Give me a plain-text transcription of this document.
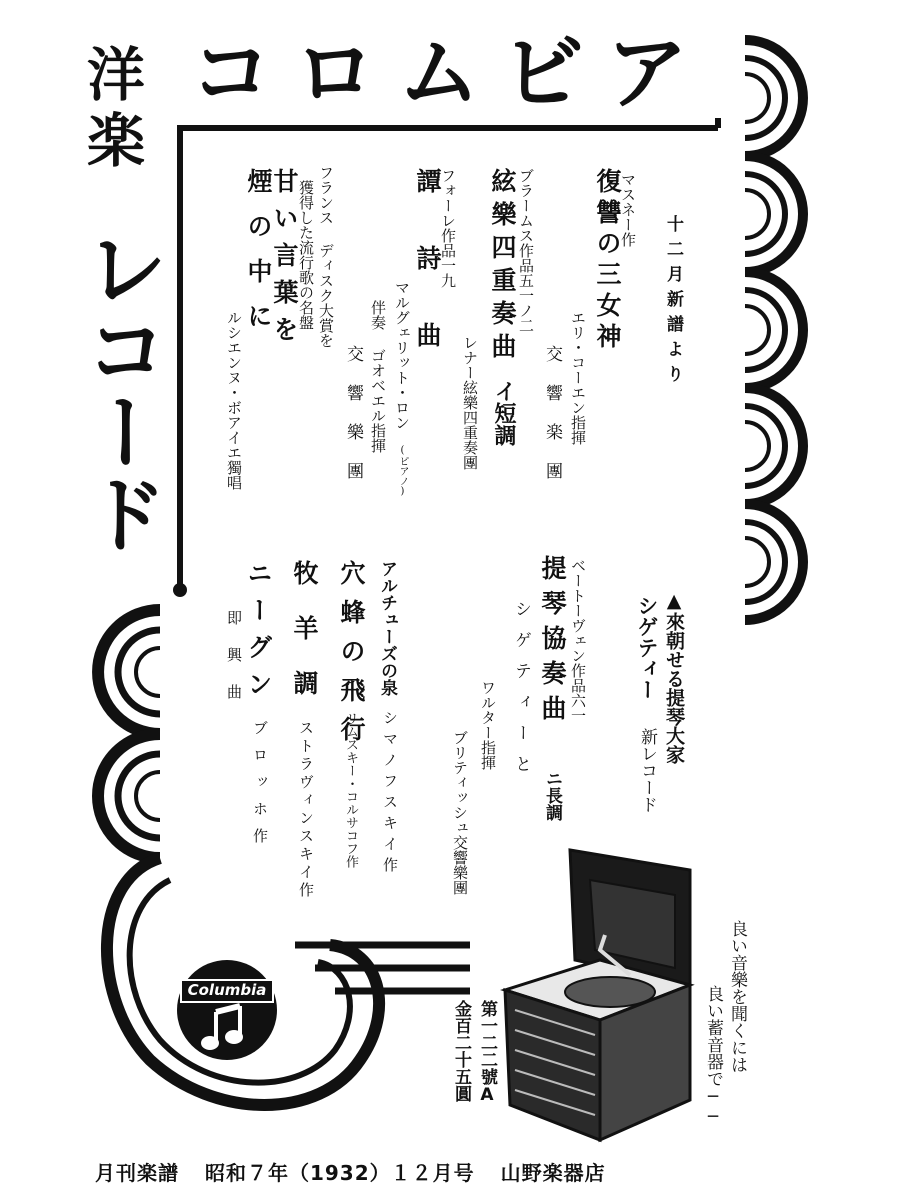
コロムビア
洋楽
レコード	十二月新譜より
マスネー作
復讐の三女神
エリ・コーエン指揮
交響楽團
ブラームス作品五一ノ二
絃樂四重奏曲
イ短調
レナー絃樂四重奏團
フォーレ作品一九
譚詩曲
マルグェリット・ロン
(ピアノ)
伴奏 ゴオベエル指揮
交響樂團
フランス ディスク大賞を
獲得した流行歌の名盤
甘い言葉を
煙の中に
ルシエンヌ・ボアイエ獨唱
▲來朝せる提琴大家
シゲティー
新レコード
ベートーヴェン作品六一
提琴協奏曲
ニ長調
シゲティーと
ワルター指揮
ブリティッシュ交響樂團
アルチューズの泉
シマノフスキイ作
穴蜂の飛行
リムスキー・コルサコフ作
牧羊調
ストラヴィンスキイ作
ニーグン
ブロッホ作
即興曲
第一二二號A
金百二十五圓	良い音樂を聞くには
良い蓄音器で──
Columbia
月刊楽譜 昭和７年（1932）１２月号 山野楽器店
